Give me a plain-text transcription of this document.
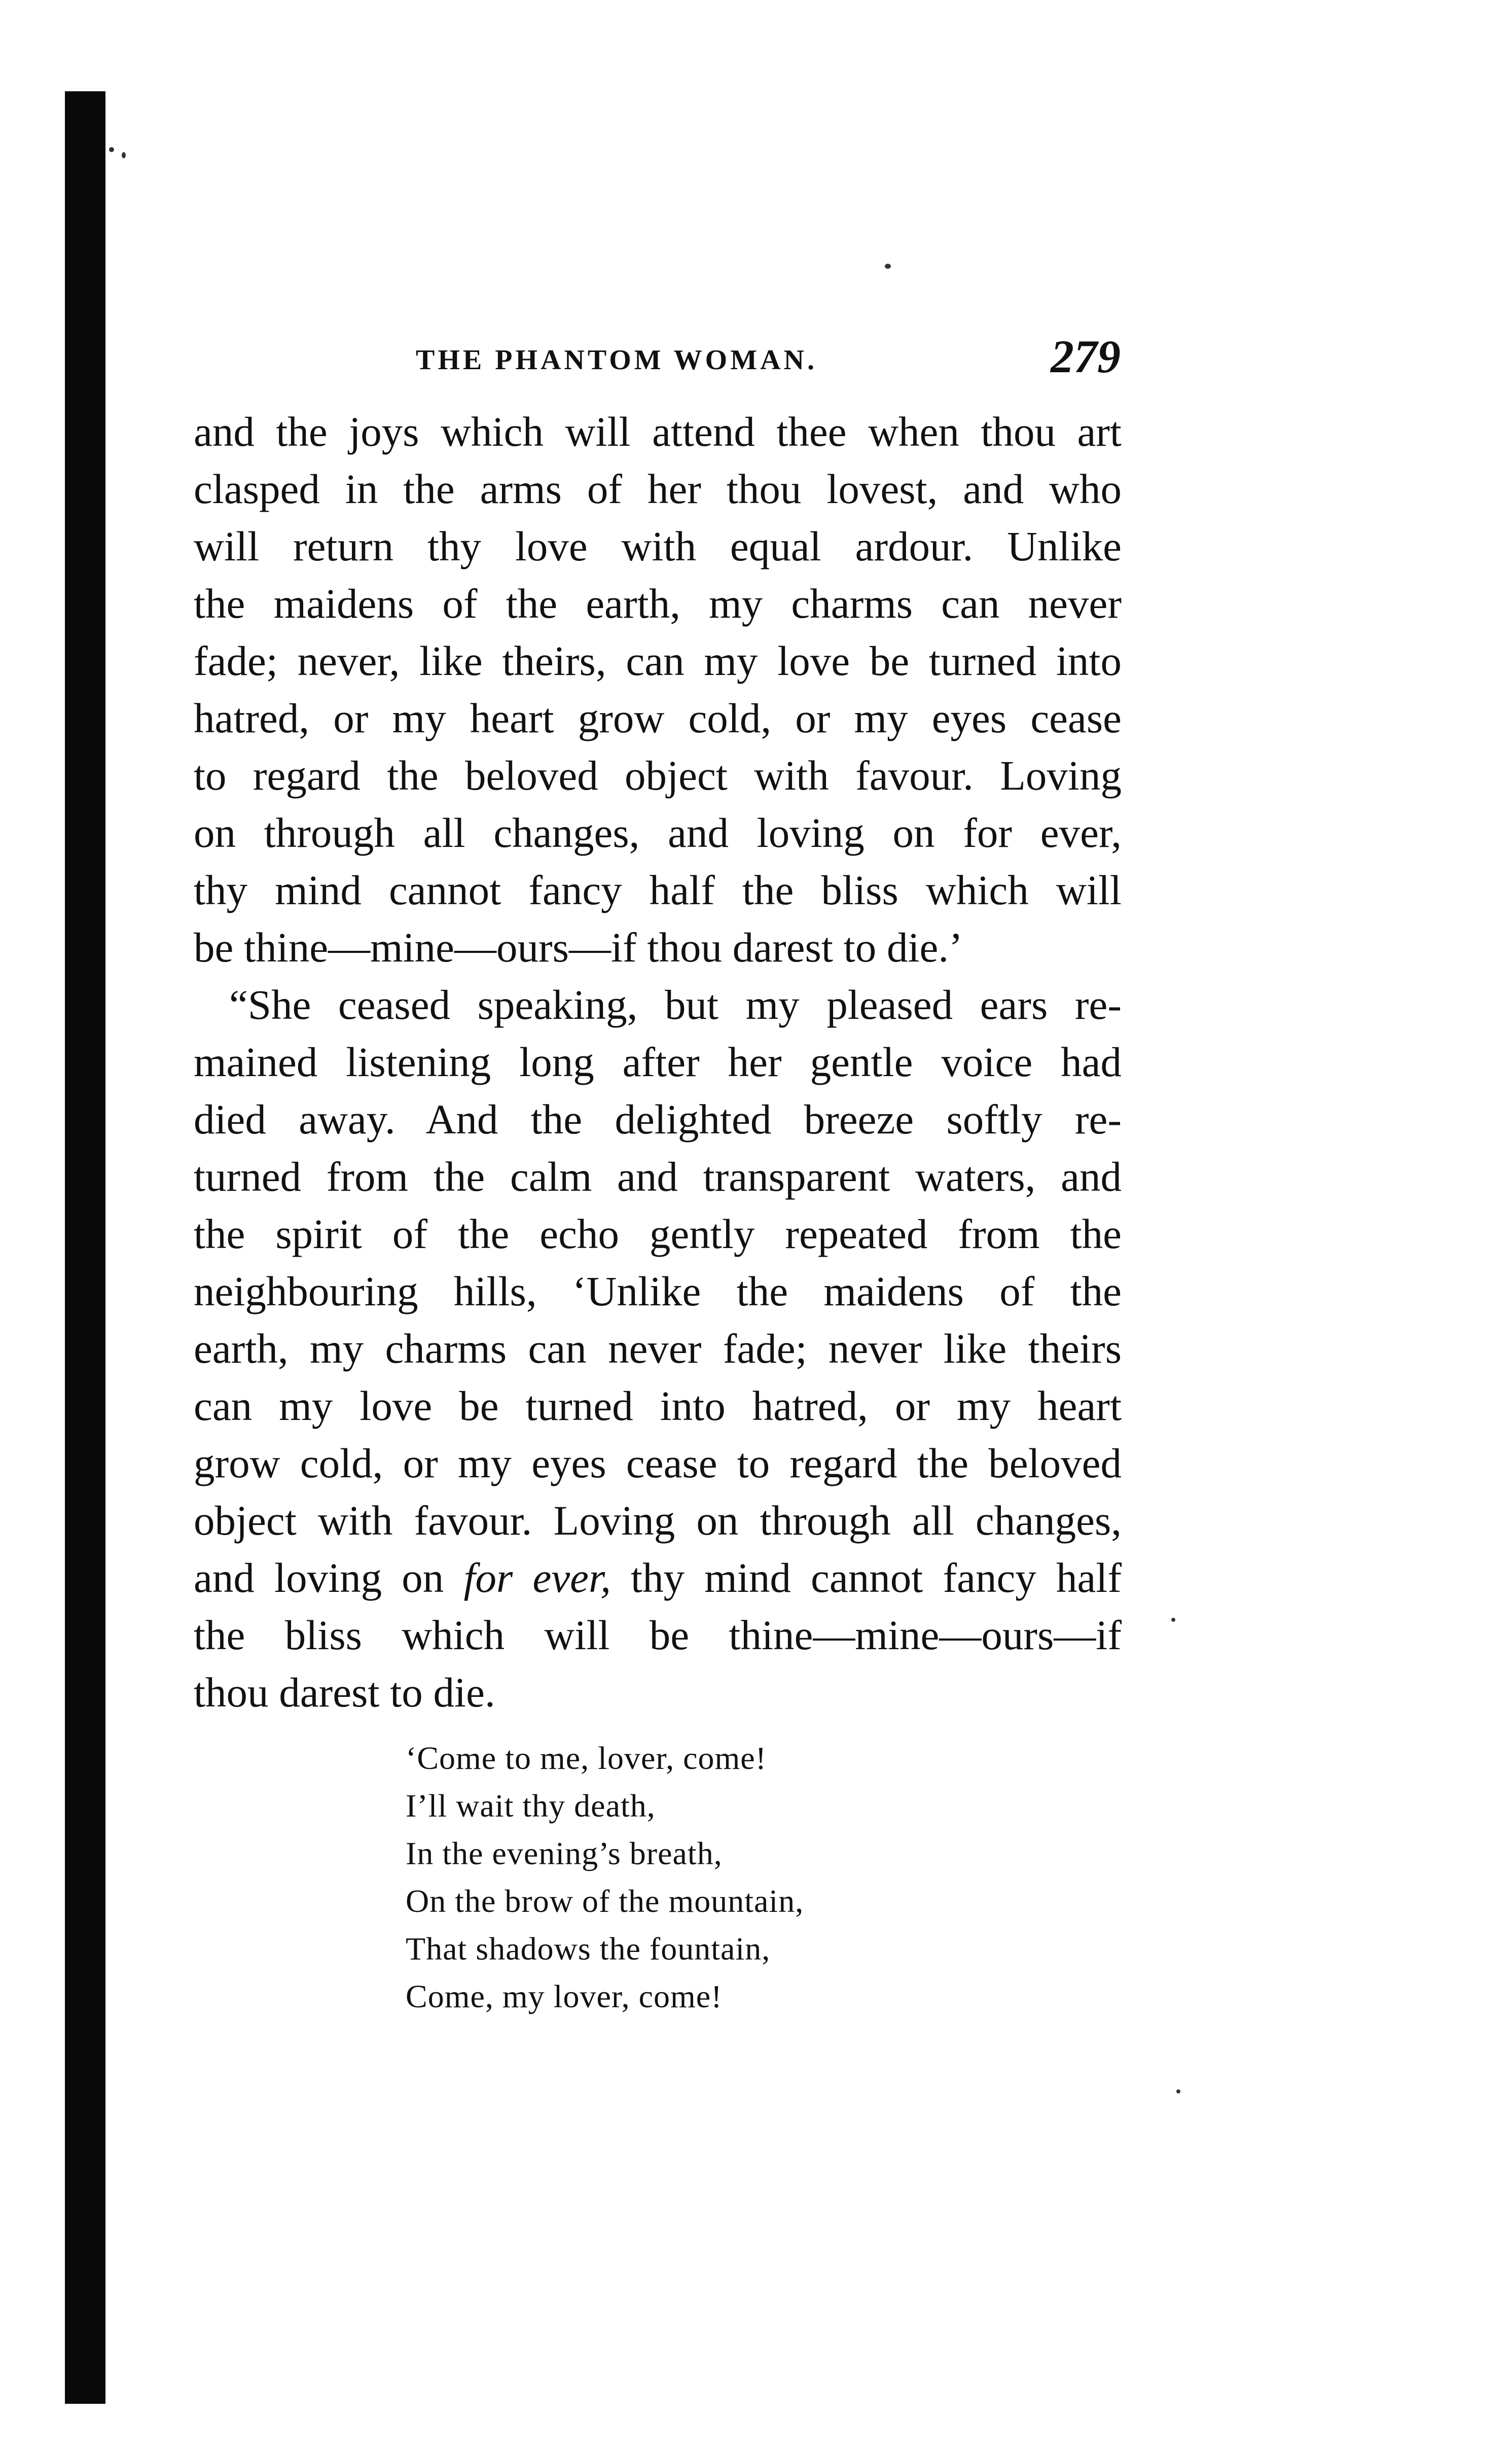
THE PHANTOM WOMAN.	279
and the joys which will attend thee when thou art
clasped in the arms of her thou lovest, and who
will return thy love with equal ardour. Unlike
the maidens of the earth, my charms can never
fade; never, like theirs, can my love be turned into
hatred, or my heart grow cold, or my eyes cease
to regard the beloved object with favour. Loving
on through all changes, and loving on for ever,
thy mind cannot fancy half the bliss which will
be thine—mine—ours—if thou darest to die.’
“She ceased speaking, but my pleased ears re-
mained listening long after her gentle voice had
died away. And the delighted breeze softly re-
turned from the calm and transparent waters, and
the spirit of the echo gently repeated from the
neighbouring hills, ‘Unlike the maidens of the
earth, my charms can never fade; never like theirs
can my love be turned into hatred, or my heart
grow cold, or my eyes cease to regard the beloved
object with favour. Loving on through all changes,
and loving on for ever, thy mind cannot fancy half
the bliss which will be thine—mine—ours—if
thou darest to die.
‘Come to me, lover, come!
I’ll wait thy death,
In the evening’s breath,
On the brow of the mountain,
That shadows the fountain,
Come, my lover, come!
